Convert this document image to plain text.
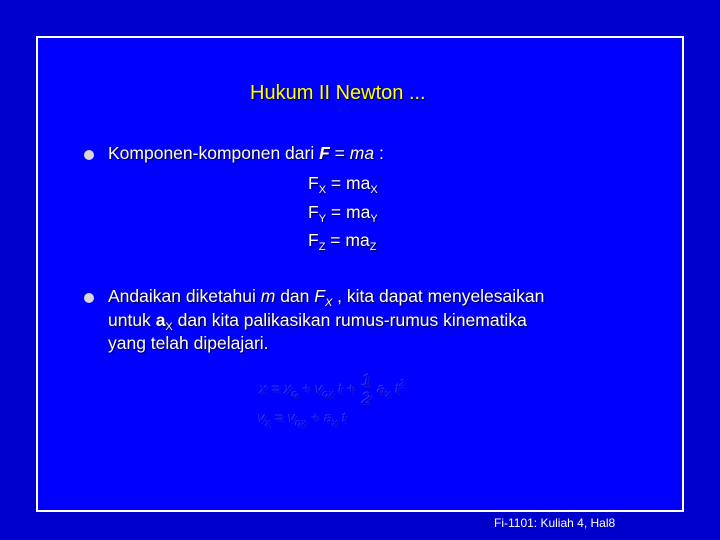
Hukum II Newton ...
Komponen-komponen dari F = ma :
$F_X = ma_X$
$F_Y = ma_Y$
$F_Z = ma_Z$
Andaikan diketahui m dan $F_X$ , kita dapat menyelesaikan
untuk $a_X$ dan kita palikasikan rumus-rumus kinematika
yang telah dipelajari.
$x = x_o + v_{ox}$ t + 1
2 $a_x$ $t^2$
$v_x = v_{ox} + a_x$ t
Fi-1101: Kuliah 4, Hal8
